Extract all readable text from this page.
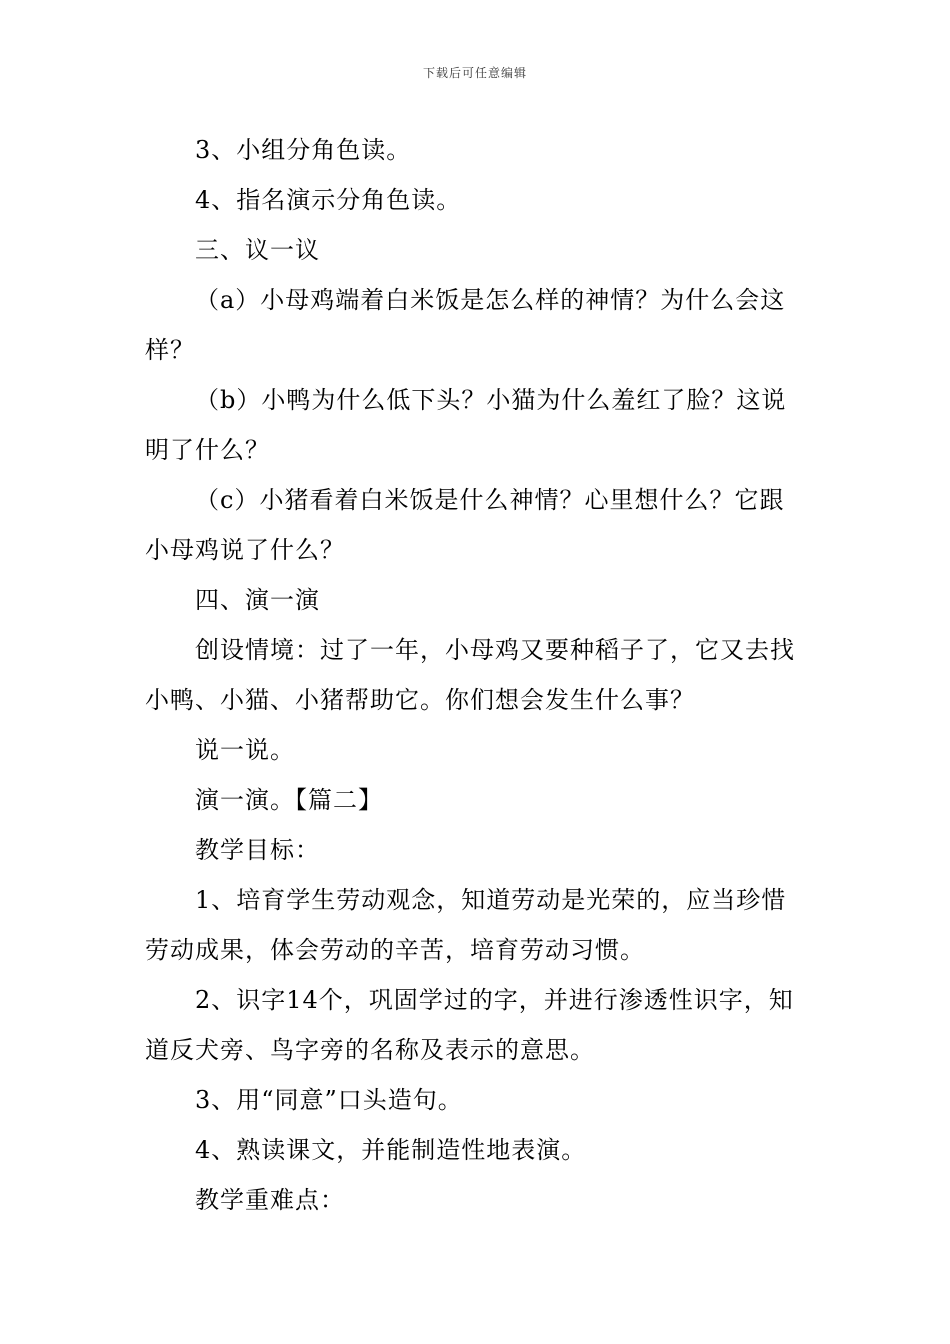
下载后可任意编辑

3、小组分角色读。

4、指名演示分角色读。

三、议一议

（a）小母鸡端着白米饭是怎么样的神情？为什么会这样？

（b）小鸭为什么低下头？小猫为什么羞红了脸？这说明了什么？

（c）小猪看着白米饭是什么神情？心里想什么？它跟小母鸡说了什么？

四、演一演

创设情境：过了一年，小母鸡又要种稻子了，它又去找小鸭、小猫、小猪帮助它。你们想会发生什么事？

说一说。

演一演。【篇二】

教学目标：

1、培育学生劳动观念，知道劳动是光荣的，应当珍惜劳动成果，体会劳动的辛苦，培育劳动习惯。

2、识字14个，巩固学过的字，并进行渗透性识字，知道反犬旁、鸟字旁的名称及表示的意思。

3、用“同意”口头造句。

4、熟读课文，并能制造性地表演。

教学重难点：
